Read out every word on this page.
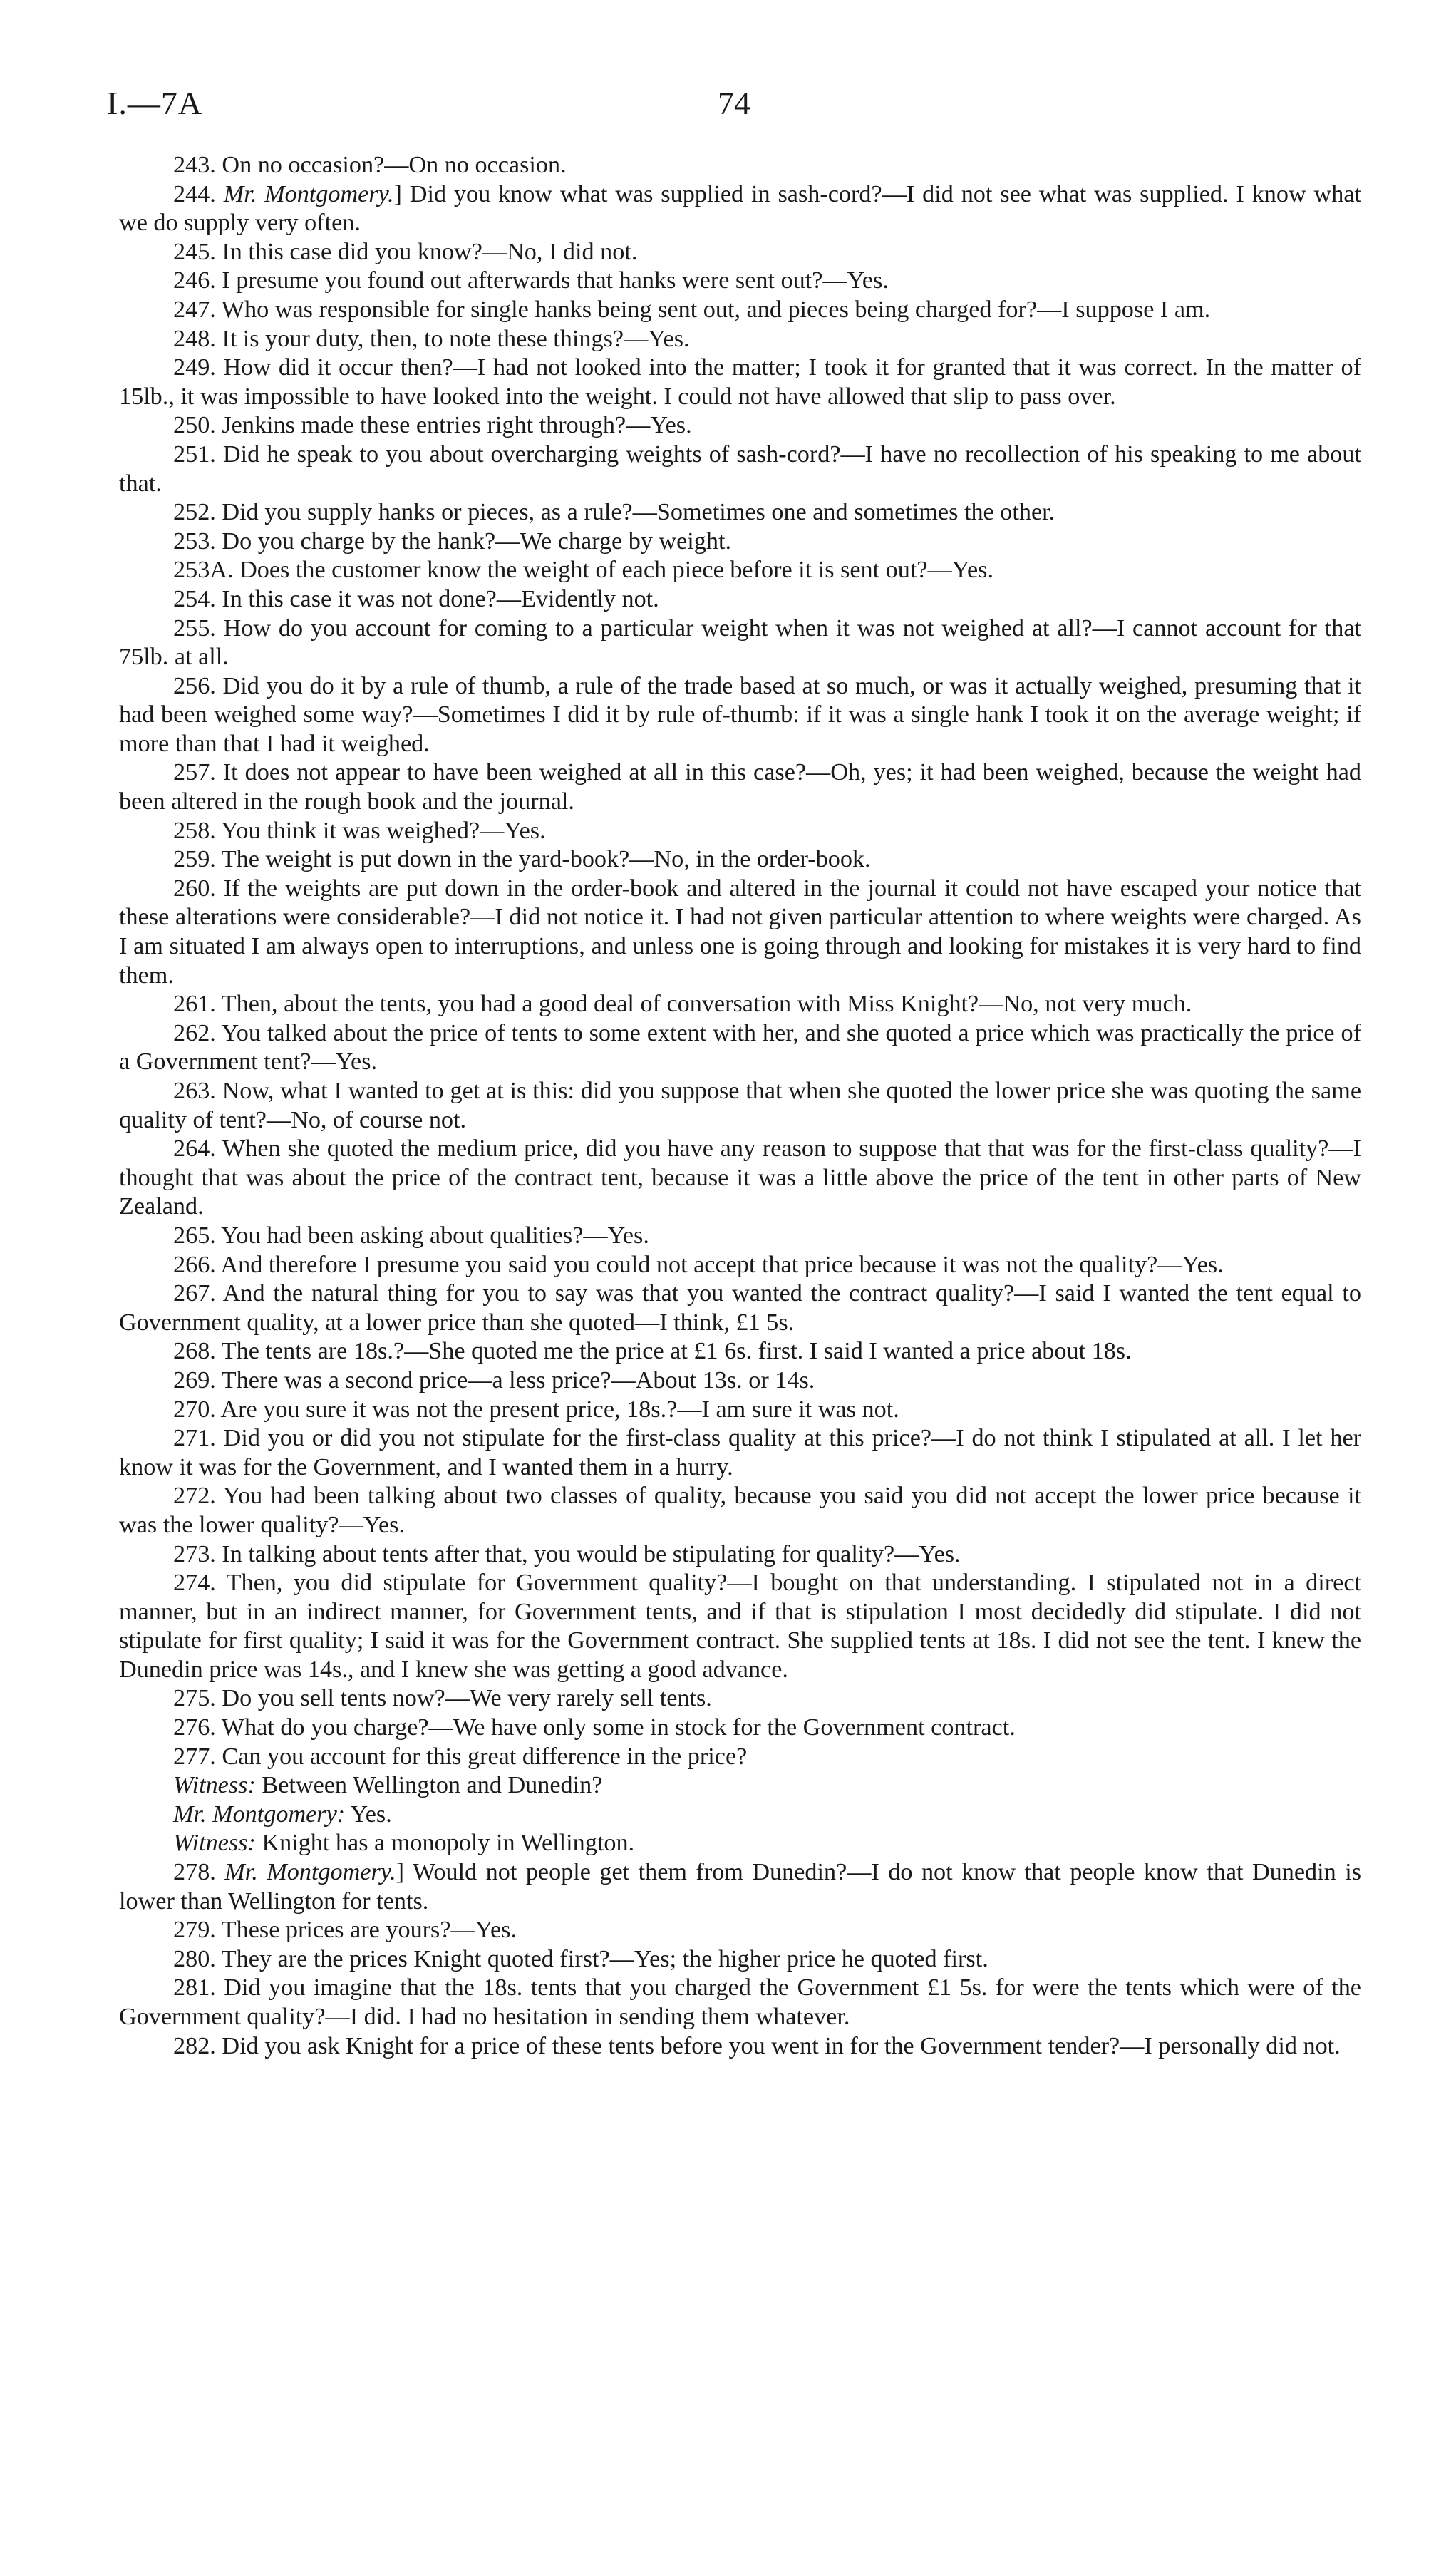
I.—7A	74

243. On no occasion?—On no occasion.

244. Mr. Montgomery.] Did you know what was supplied in sash-cord?—I did not see what was supplied. I know what we do supply very often.

245. In this case did you know?—No, I did not.

246. I presume you found out afterwards that hanks were sent out?—Yes.

247. Who was responsible for single hanks being sent out, and pieces being charged for?—I suppose I am.

248. It is your duty, then, to note these things?—Yes.

249. How did it occur then?—I had not looked into the matter; I took it for granted that it was correct. In the matter of 15lb., it was impossible to have looked into the weight. I could not have allowed that slip to pass over.

250. Jenkins made these entries right through?—Yes.

251. Did he speak to you about overcharging weights of sash-cord?—I have no recollection of his speaking to me about that.

252. Did you supply hanks or pieces, as a rule?—Sometimes one and sometimes the other.

253. Do you charge by the hank?—We charge by weight.

253A. Does the customer know the weight of each piece before it is sent out?—Yes.

254. In this case it was not done?—Evidently not.

255. How do you account for coming to a particular weight when it was not weighed at all?—I cannot account for that 75lb. at all.

256. Did you do it by a rule of thumb, a rule of the trade based at so much, or was it actually weighed, presuming that it had been weighed some way?—Sometimes I did it by rule of-thumb: if it was a single hank I took it on the average weight; if more than that I had it weighed.

257. It does not appear to have been weighed at all in this case?—Oh, yes; it had been weighed, because the weight had been altered in the rough book and the journal.

258. You think it was weighed?—Yes.

259. The weight is put down in the yard-book?—No, in the order-book.

260. If the weights are put down in the order-book and altered in the journal it could not have escaped your notice that these alterations were considerable?—I did not notice it. I had not given particular attention to where weights were charged. As I am situated I am always open to interruptions, and unless one is going through and looking for mistakes it is very hard to find them.

261. Then, about the tents, you had a good deal of conversation with Miss Knight?—No, not very much.

262. You talked about the price of tents to some extent with her, and she quoted a price which was practically the price of a Government tent?—Yes.

263. Now, what I wanted to get at is this: did you suppose that when she quoted the lower price she was quoting the same quality of tent?—No, of course not.

264. When she quoted the medium price, did you have any reason to suppose that that was for the first-class quality?—I thought that was about the price of the contract tent, because it was a little above the price of the tent in other parts of New Zealand.

265. You had been asking about qualities?—Yes.

266. And therefore I presume you said you could not accept that price because it was not the quality?—Yes.

267. And the natural thing for you to say was that you wanted the contract quality?—I said I wanted the tent equal to Government quality, at a lower price than she quoted—I think, £1 5s.

268. The tents are 18s.?—She quoted me the price at £1 6s. first. I said I wanted a price about 18s.

269. There was a second price—a less price?—About 13s. or 14s.

270. Are you sure it was not the present price, 18s.?—I am sure it was not.

271. Did you or did you not stipulate for the first-class quality at this price?—I do not think I stipulated at all. I let her know it was for the Government, and I wanted them in a hurry.

272. You had been talking about two classes of quality, because you said you did not accept the lower price because it was the lower quality?—Yes.

273. In talking about tents after that, you would be stipulating for quality?—Yes.

274. Then, you did stipulate for Government quality?—I bought on that understanding. I stipulated not in a direct manner, but in an indirect manner, for Government tents, and if that is stipulation I most decidedly did stipulate. I did not stipulate for first quality; I said it was for the Government contract. She supplied tents at 18s. I did not see the tent. I knew the Dunedin price was 14s., and I knew she was getting a good advance.

275. Do you sell tents now?—We very rarely sell tents.

276. What do you charge?—We have only some in stock for the Government contract.

277. Can you account for this great difference in the price?

Witness: Between Wellington and Dunedin?

Mr. Montgomery: Yes.

Witness: Knight has a monopoly in Wellington.

278. Mr. Montgomery.] Would not people get them from Dunedin?—I do not know that people know that Dunedin is lower than Wellington for tents.

279. These prices are yours?—Yes.

280. They are the prices Knight quoted first?—Yes; the higher price he quoted first.

281. Did you imagine that the 18s. tents that you charged the Government £1 5s. for were the tents which were of the Government quality?—I did. I had no hesitation in sending them whatever.

282. Did you ask Knight for a price of these tents before you went in for the Government tender?—I personally did not.
